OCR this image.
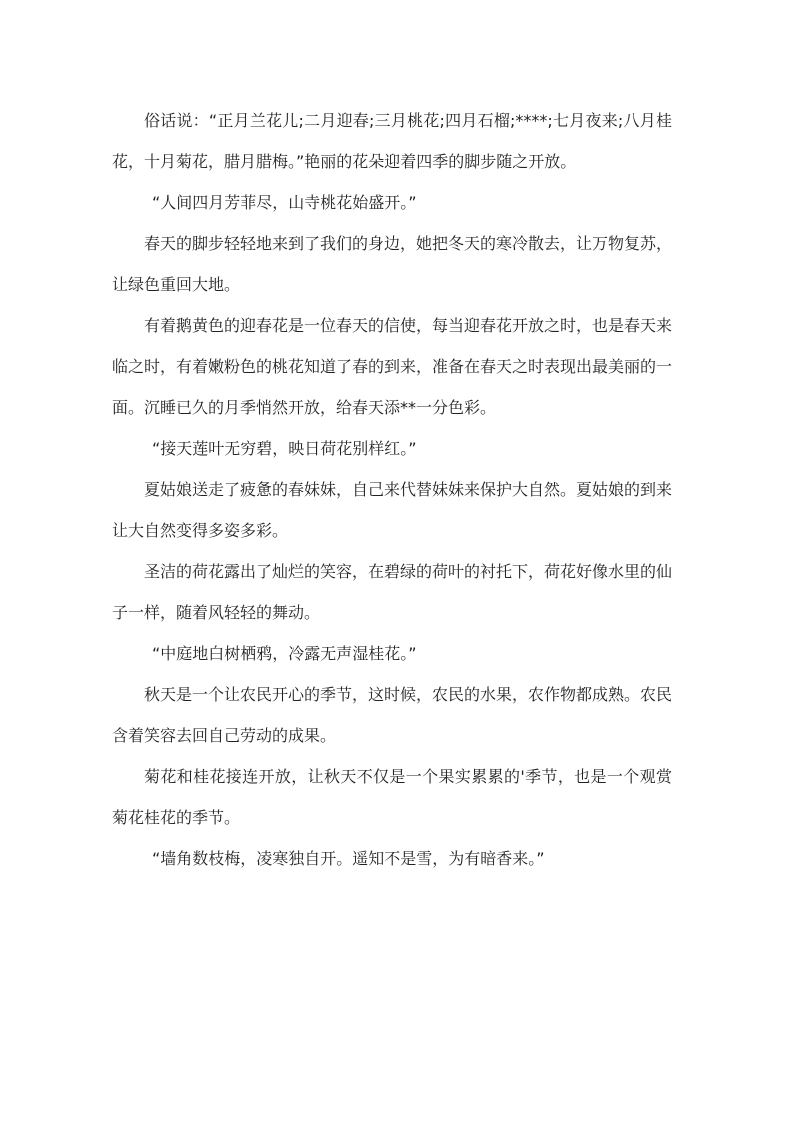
俗话说：“正月兰花儿;二月迎春;三月桃花;四月石榴;****;七月夜来;八月桂花，十月菊花，腊月腊梅。”艳丽的花朵迎着四季的脚步随之开放。

“人间四月芳菲尽，山寺桃花始盛开。”

春天的脚步轻轻地来到了我们的身边，她把冬天的寒冷散去，让万物复苏，让绿色重回大地。

有着鹅黄色的迎春花是一位春天的信使，每当迎春花开放之时，也是春天来临之时，有着嫩粉色的桃花知道了春的到来，准备在春天之时表现出最美丽的一面。沉睡已久的月季悄然开放，给春天添**一分色彩。

“接天莲叶无穷碧，映日荷花别样红。”

夏姑娘送走了疲惫的春妹妹，自己来代替妹妹来保护大自然。夏姑娘的到来让大自然变得多姿多彩。

圣洁的荷花露出了灿烂的笑容，在碧绿的荷叶的衬托下，荷花好像水里的仙子一样，随着风轻轻的舞动。

“中庭地白树栖鸦，冷露无声湿桂花。”

秋天是一个让农民开心的季节，这时候，农民的水果，农作物都成熟。农民含着笑容去回自己劳动的成果。

菊花和桂花接连开放，让秋天不仅是一个果实累累的'季节，也是一个观赏菊花桂花的季节。

“墙角数枝梅，凌寒独自开。遥知不是雪，为有暗香来。”
